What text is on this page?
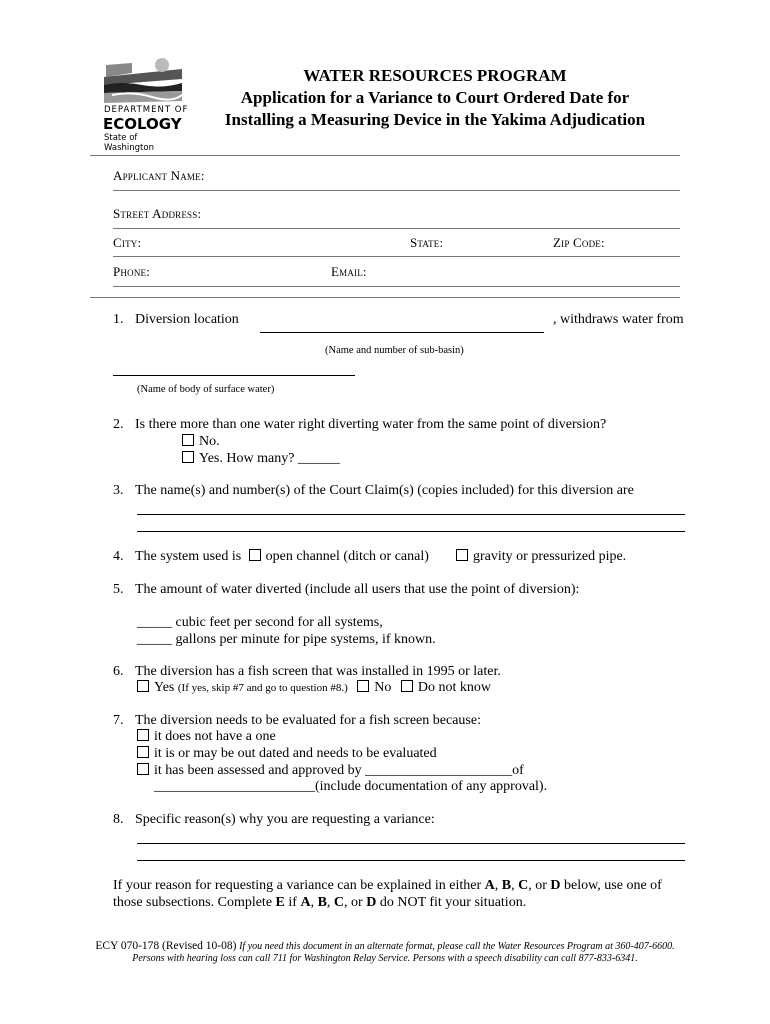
DEPARTMENT OF
ECOLOGY
State of Washington
WATER RESOURCES PROGRAM
Application for a Variance to Court Ordered Date for
Installing a Measuring Device in the Yakima Adjudication
Applicant Name:
Street Address:
City:	State:	Zip Code:
Phone:	Email:
1. Diversion location	, withdraws water from
(Name and number of sub-basin)
(Name of body of surface water)
2. Is there more than one water right diverting water from the same point of diversion?
No.
Yes. How many? ______
3. The name(s) and number(s) of the Court Claim(s) (copies included) for this diversion are
4. The system used is open channel (ditch or canal)	gravity or pressurized pipe.
5. The amount of water diverted (include all users that use the point of diversion):
_____ cubic feet per second for all systems,
_____ gallons per minute for pipe systems, if known.
6. The diversion has a fish screen that was installed in 1995 or later.
Yes (If yes, skip #7 and go to question #8.) No Do not know
7. The diversion needs to be evaluated for a fish screen because:
it does not have a one
it is or may be out dated and needs to be evaluated
it has been assessed and approved by _____________________of
_______________________(include documentation of any approval).
8. Specific reason(s) why you are requesting a variance:
If your reason for requesting a variance can be explained in either A, B, C, or D below, use one of
those subsections. Complete E if A, B, C, or D do NOT fit your situation.
ECY 070-178 (Revised 10-08) If you need this document in an alternate format, please call the Water Resources Program at 360-407-6600.
Persons with hearing loss can call 711 for Washington Relay Service. Persons with a speech disability can call 877-833-6341.
